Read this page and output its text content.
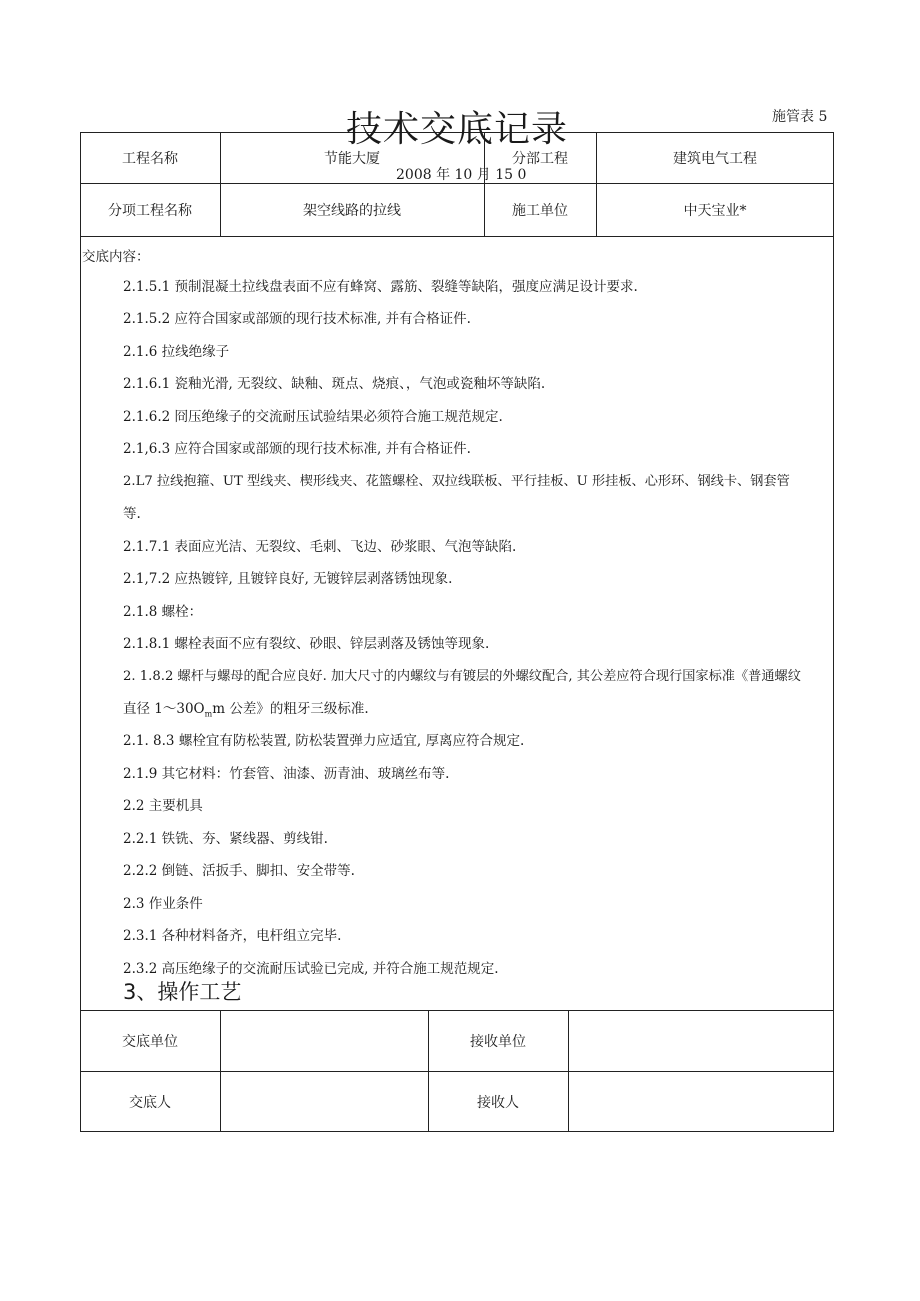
施管表 5
技术交底记录
2008 年 10 月 15 0
工程名称	节能大厦	分部工程	建筑电气工程
分项工程名称	架空线路的拉线	施工单位	中天宝业*
交底内容：
2.1.5.1 预制混凝土拉线盘表面不应有蜂窝、露筋、裂缝等缺陷，强度应满足设计要求.
2.1.5.2 应符合国家或部颁的现行技术标准, 并有合格证件.
2.1.6 拉线绝缘子
2.1.6.1 瓷釉光滑, 无裂纹、缺釉、斑点、烧痕、，气泡或瓷釉坏等缺陷.
2.1.6.2 冏压绝缘子的交流耐压试验结果必须符合施工规范规定.
2.1,6.3 应符合国家或部颁的现行技术标准, 并有合格证件.
2.L7 拉线抱箍、UT 型线夹、楔形线夹、花篮螺栓、双拉线联板、平行挂板、U 形挂板、心形环、钢线卡、钢套管
等.
2.1.7.1 表面应光洁、无裂纹、毛刺、飞边、砂浆眼、气泡等缺陷.
2.1,7.2 应热镀锌, 且镀锌良好, 无镀锌层剥落锈蚀现象.
2.1.8 螺栓：
2.1.8.1 螺栓表面不应有裂纹、砂眼、锌层剥落及锈蚀等现象.
2. 1.8.2 螺杆与螺母的配合应良好. 加大尺寸的内螺纹与有镀层的外螺纹配合, 其公差应符合现行国家标准《普通螺纹
直径 $1\sim 30O_mm$ 公差》的粗牙三级标准.
2.1. 8.3 螺栓宜有防松装置, 防松装置弹力应适宜, 厚离应符合规定.
2.1.9 其它材料：竹套管、油漆、沥青油、玻璃丝布等.
2.2 主要机具
2.2.1 铁铣、夯、紧线器、剪线钳.
2.2.2 倒链、活扳手、脚扣、安全带等.
2.3 作业条件
2.3.1 各种材料备齐，电杆组立完毕.
2.3.2 高压绝缘子的交流耐压试验已完成, 并符合施工规范规定.
3、操作工艺
交底单位	接收单位
交底人	接收人
